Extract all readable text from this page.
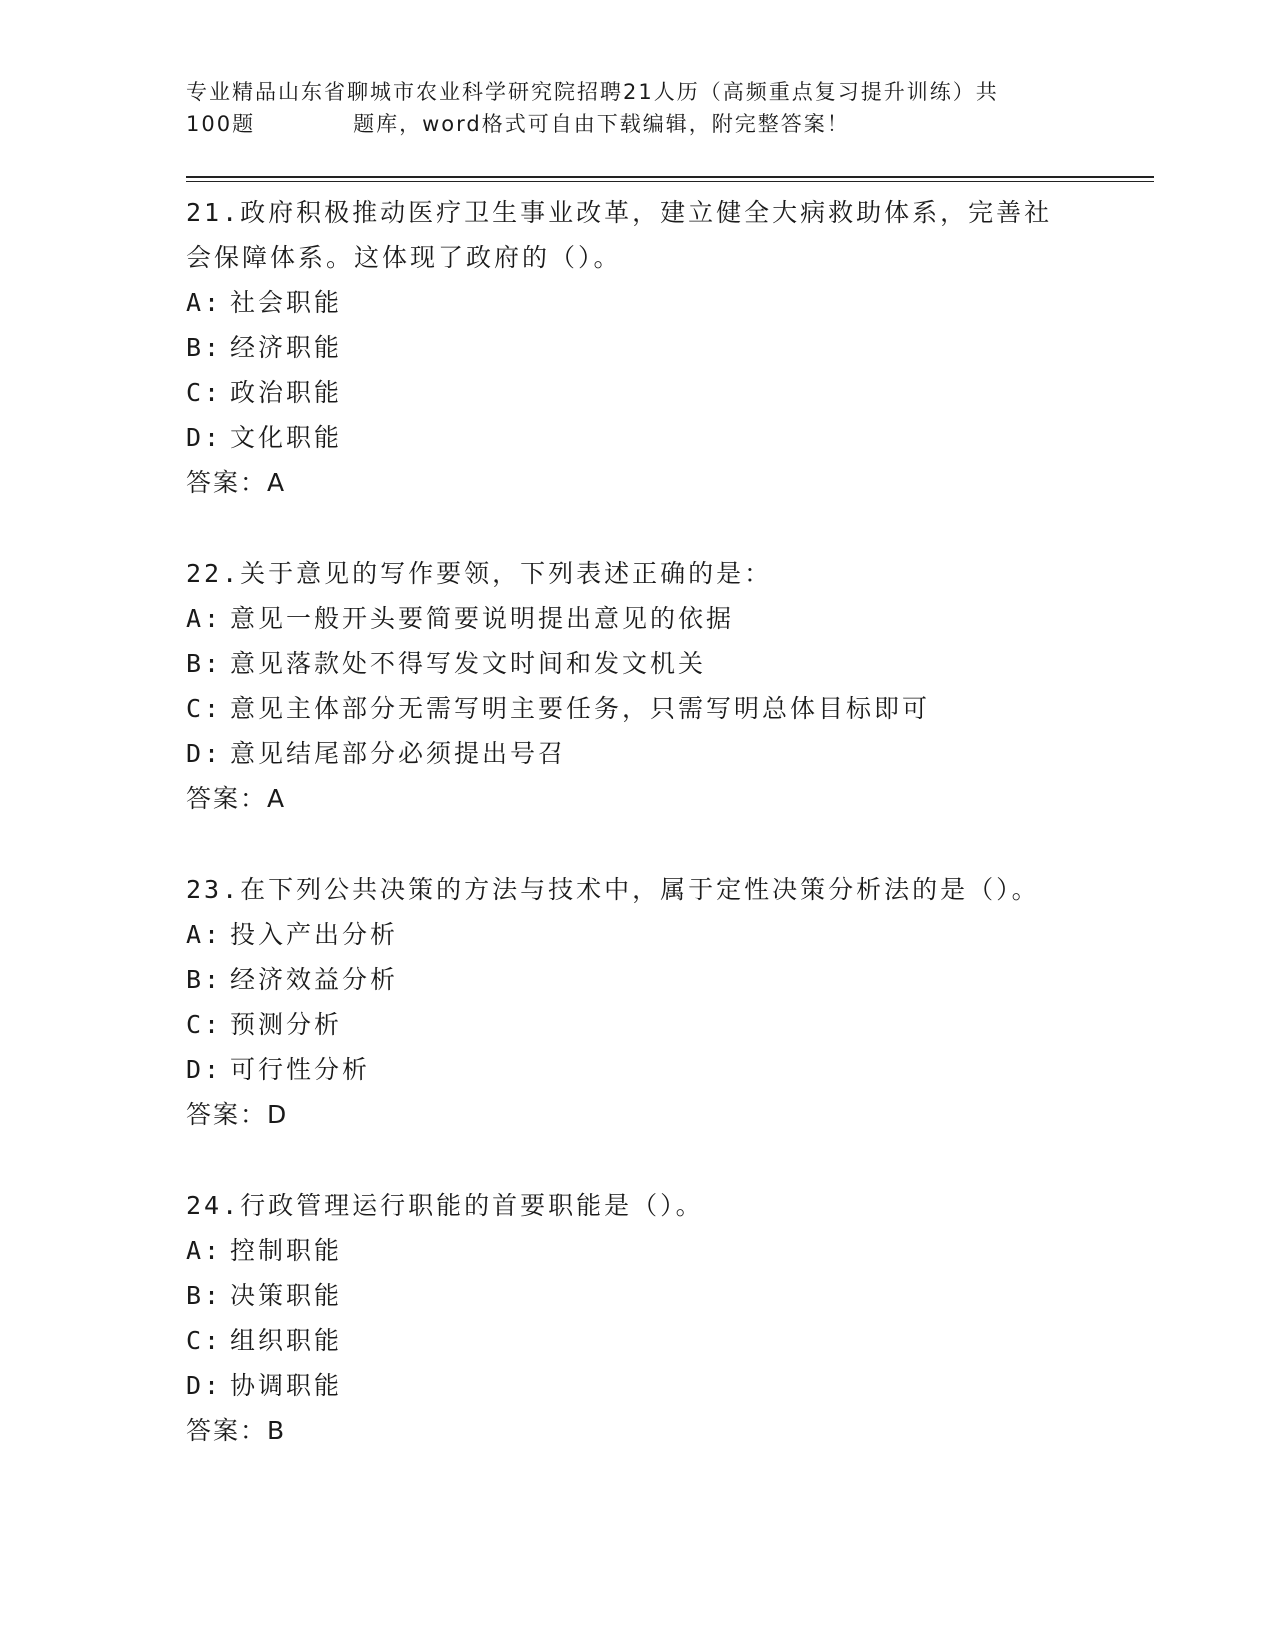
专业精品山东省聊城市农业科学研究院招聘21人历（高频重点复习提升训练）共
100题	题库，word格式可自由下载编辑，附完整答案！

21.政府积极推动医疗卫生事业改革，建立健全大病救助体系，完善社

会保障体系。这体现了政府的（）。

A: 社会职能

B: 经济职能

C: 政治职能

D: 文化职能

答案：A

22.关于意见的写作要领，下列表述正确的是：

A: 意见一般开头要简要说明提出意见的依据

B: 意见落款处不得写发文时间和发文机关

C: 意见主体部分无需写明主要任务，只需写明总体目标即可

D: 意见结尾部分必须提出号召

答案：A

23.在下列公共决策的方法与技术中，属于定性决策分析法的是（）。

A: 投入产出分析

B: 经济效益分析

C: 预测分析

D: 可行性分析

答案：D

24.行政管理运行职能的首要职能是（）。

A: 控制职能

B: 决策职能

C: 组织职能

D: 协调职能

答案：B
